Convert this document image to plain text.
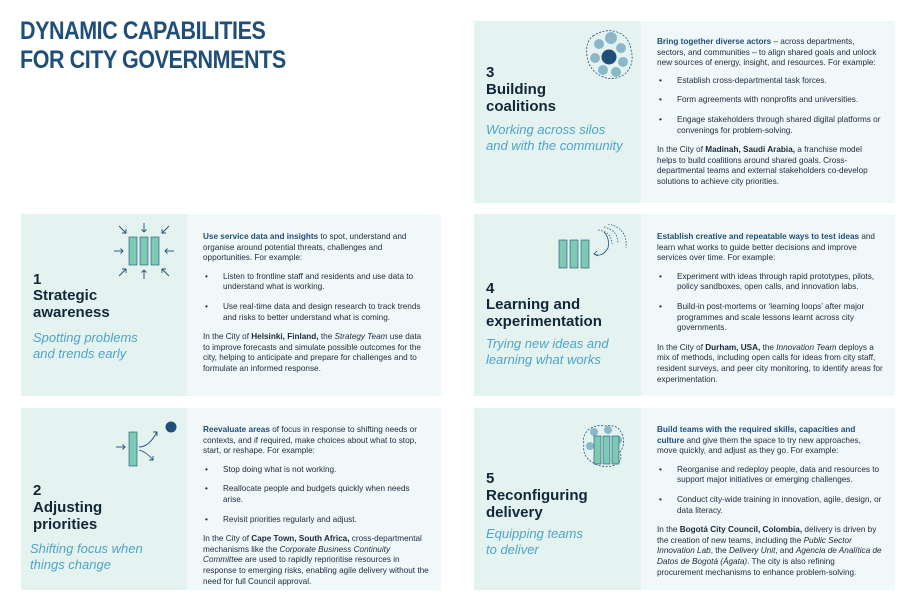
DYNAMIC CAPABILITIES
FOR CITY GOVERNMENTS	3
Building
coalitions
Working across silos
and with the community

Bring together diverse actors – across departments, sectors, and communities – to align shared goals and unlock new sources of energy, insight, and resources. For example:

• Establish cross-departmental task forces.
• Form agreements with nonprofits and universities.
• Engage stakeholders through shared digital platforms or convenings for problem-solving.

In the City of Madinah, Saudi Arabia, a franchise model helps to build coalitions around shared goals. Cross-departmental teams and external stakeholders co-develop solutions to achieve city priorities.

1
Strategic
awareness
Spotting problems
and trends early

Use service data and insights to spot, understand and organise around potential threats, challenges and opportunities. For example:

• Listen to frontline staff and residents and use data to understand what is working.
• Use real-time data and design research to track trends and risks to better understand what is coming.

In the City of Helsinki, Finland, the Strategy Team use data to improve forecasts and simulate possible outcomes for the city, helping to anticipate and prepare for challenges and to formulate an informed response.

4
Learning and
experimentation
Trying new ideas and
learning what works

Establish creative and repeatable ways to test ideas and learn what works to guide better decisions and improve services over time. For example:

• Experiment with ideas through rapid prototypes, pilots, policy sandboxes, open calls, and innovation labs.
• Build-in post-mortems or ‘learning loops’ after major programmes and scale lessons learnt across city governments.

In the City of Durham, USA, the Innovation Team deploys a mix of methods, including open calls for ideas from city staff, resident surveys, and peer city monitoring, to identify areas for experimentation.

2
Adjusting
priorities
Shifting focus when
things change

Reevaluate areas of focus in response to shifting needs or contexts, and if required, make choices about what to stop, start, or reshape. For example:

• Stop doing what is not working.
• Reallocate people and budgets quickly when needs arise.
• Revisit priorities regularly and adjust.

In the City of Cape Town, South Africa, cross-departmental mechanisms like the Corporate Business Continuity Committee are used to rapidly reprioritise resources in response to emerging risks, enabling agile delivery without the need for full Council approval.

5
Reconfiguring
delivery
Equipping teams
to deliver

Build teams with the required skills, capacities and culture and give them the space to try new approaches, move quickly, and adjust as they go. For example:

• Reorganise and redeploy people, data and resources to support major initiatives or emerging challenges.
• Conduct city-wide training in innovation, agile, design, or data literacy.

In the Bogotá City Council, Colombia, delivery is driven by the creation of new teams, including the Public Sector Innovation Lab, the Delivery Unit, and Agencia de Analítica de Datos de Bogotá (Ágata). The city is also refining procurement mechanisms to enhance problem-solving.
